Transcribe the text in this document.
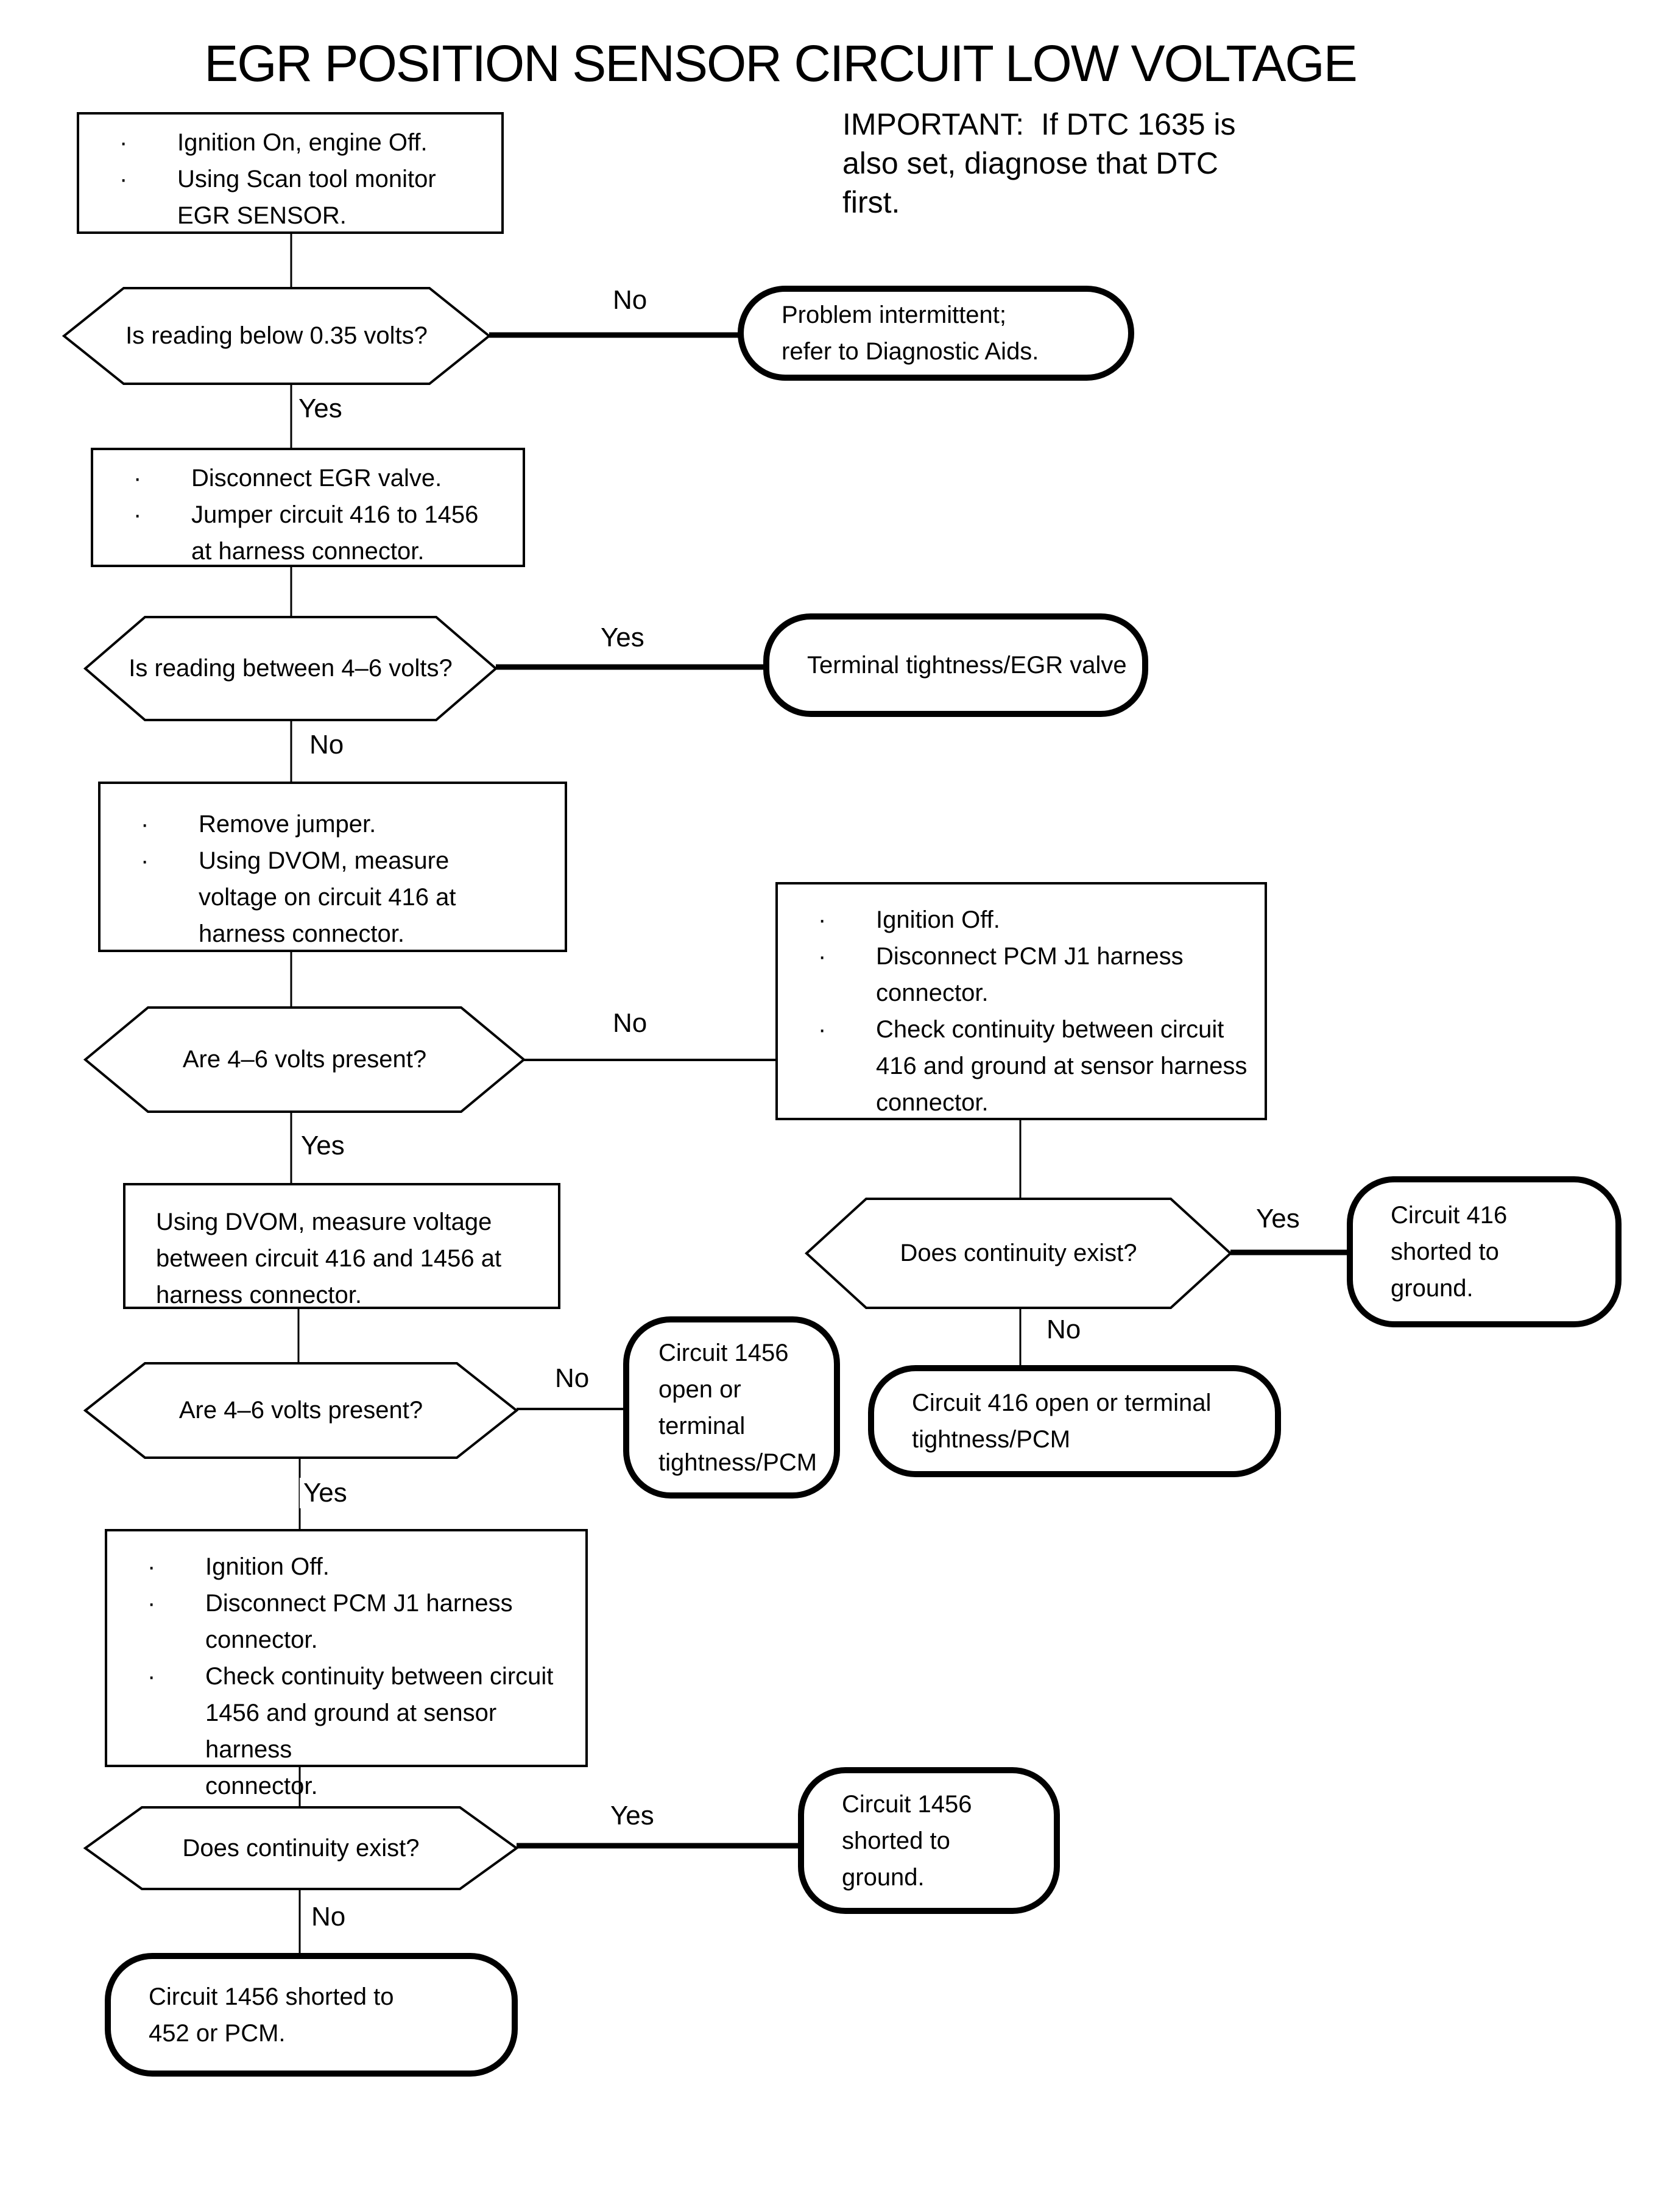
EGR POSITION SENSOR CIRCUIT LOW VOLTAGE
IMPORTANT:  If DTC 1635 is
also set, diagnose that DTC
first.
·	Ignition On, engine Off.
·	Using Scan tool monitor
EGR SENSOR.
Is reading below 0.35 volts?
No	Problem intermittent;
refer to Diagnostic Aids.
Yes
·	Disconnect EGR valve.
·	Jumper circuit 416 to 1456
at harness connector.
Is reading between 4–6 volts?
Yes
Terminal tightness/EGR valve
No
·	Remove jumper.
·	Using DVOM, measure
voltage on circuit 416 at
harness connector.
Are 4–6 volts present?
No
·	Ignition Off.
·	Disconnect PCM J1 harness
connector.
·	Check continuity between circuit
416 and ground at sensor harness
connector.
Does continuity exist?
Yes	Circuit 416
shorted to
ground.
No
Circuit 416 open or terminal
tightness/PCM
Yes
Using DVOM, measure voltage
between circuit 416 and 1456 at
harness connector.
Are 4–6 volts present?
No
Circuit 1456
open or
terminal
tightness/PCM
Yes
·	Ignition Off.
·	Disconnect PCM J1 harness
connector.
·	Check continuity between circuit
1456 and ground at sensor harness
connector.
Does continuity exist?
Yes	Circuit 1456
shorted to
ground.
No
Circuit 1456 shorted to
452 or PCM.
